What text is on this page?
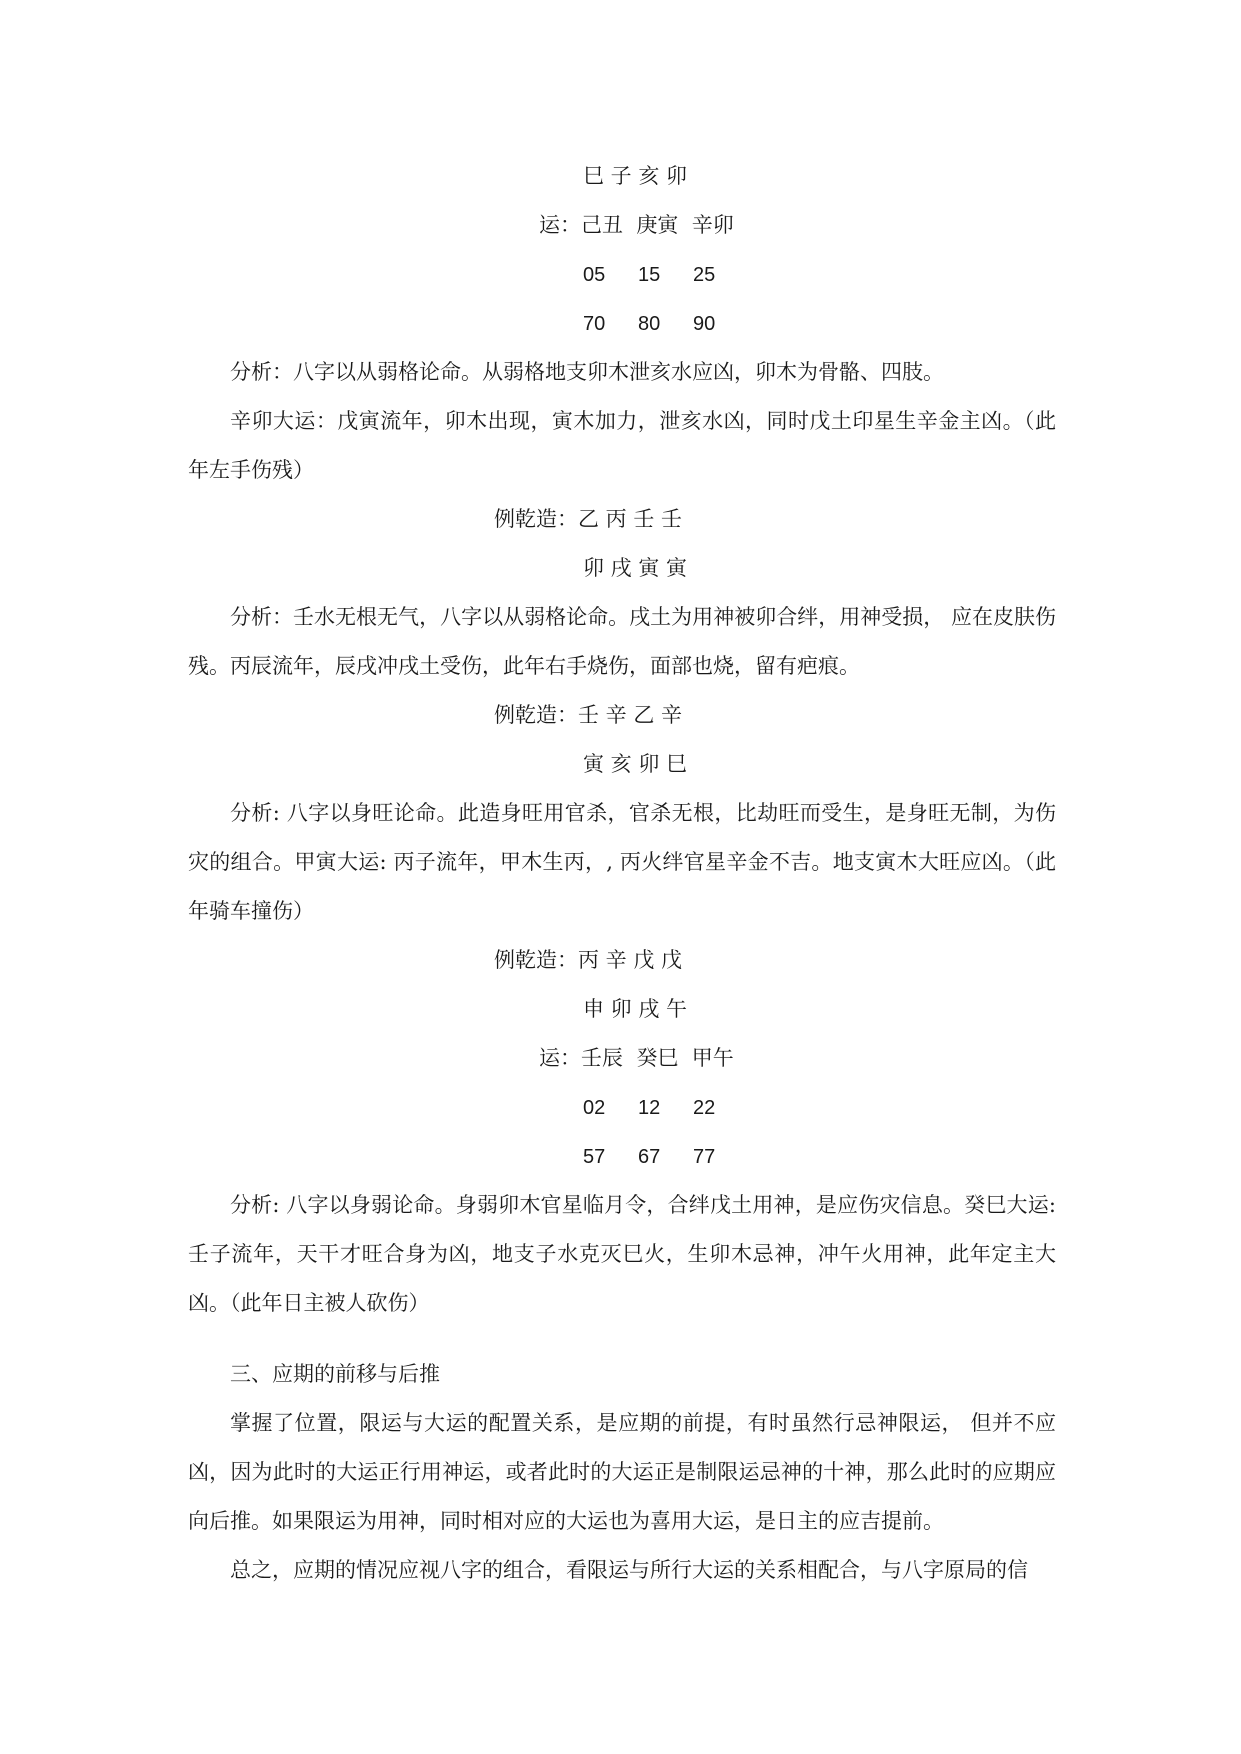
巳 子 亥 卯
运：己丑 庚寅 辛卯
05 15 25
70 80 90

分析：八字以从弱格论命。从弱格地支卯木泄亥水应凶，卯木为骨骼、四肢。

辛卯大运：戊寅流年，卯木出现，寅木加力，泄亥水凶，同时戊土印星生辛金主凶。（此年左手伤残）

例乾造：乙 丙 壬 壬
卯 戌 寅 寅

分析：壬水无根无气，八字以从弱格论命。戌土为用神被卯合绊，用神受损， 应在皮肤伤残。丙辰流年，辰戌冲戌土受伤，此年右手烧伤，面部也烧，留有疤痕。

例乾造：壬 辛 乙 辛
寅 亥 卯 巳

分析: 八字以身旺论命。此造身旺用官杀，官杀无根，比劫旺而受生，是身旺无制，为伤灾的组合。甲寅大运: 丙子流年，甲木生丙，, 丙火绊官星辛金不吉。地支寅木大旺应凶。（此年骑车撞伤）

例乾造：丙 辛 戊 戊
申 卯 戌 午
运：壬辰 癸巳 甲午
02 12 22
57 67 77

分析: 八字以身弱论命。身弱卯木官星临月令，合绊戊土用神，是应伤灾信息。癸巳大运: 壬子流年，天干才旺合身为凶，地支子水克灭巳火，生卯木忌神，冲午火用神，此年定主大凶。（此年日主被人砍伤）

三、应期的前移与后推

掌握了位置，限运与大运的配置关系，是应期的前提，有时虽然行忌神限运， 但并不应凶，因为此时的大运正行用神运，或者此时的大运正是制限运忌神的十神，那么此时的应期应向后推。如果限运为用神，同时相对应的大运也为喜用大运，是日主的应吉提前。

总之，应期的情况应视八字的组合，看限运与所行大运的关系相配合，与八字原局的信
